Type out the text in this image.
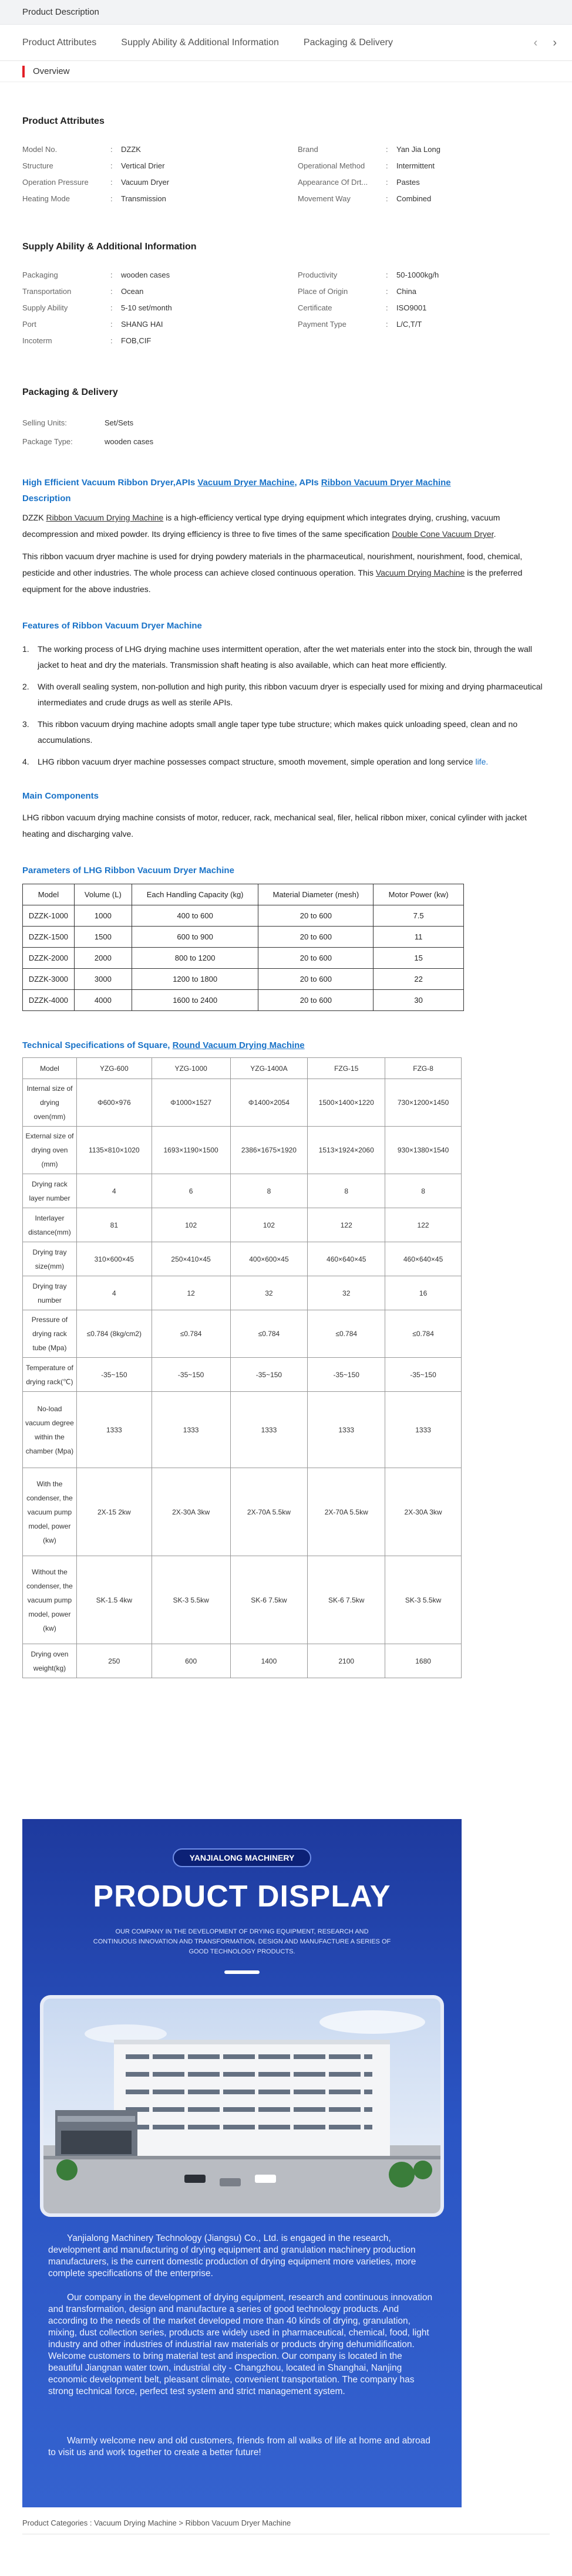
Product Description
Product Attributes	Supply Ability & Additional Information	Packaging & Delivery	‹ ›
Overview
Product Attributes
Model No.	:	DZZK
Structure	:	Vertical Drier
Operation Pressure	:	Vacuum Dryer
Heating Mode	:	Transmission
Brand	:	Yan Jia Long
Operational Method	:	Intermittent
Appearance Of Drt...	:	Pastes
Movement Way	:	Combined
Supply Ability & Additional Information
Packaging	:	wooden cases
Transportation	:	Ocean
Supply Ability	:	5-10 set/month
Port	:	SHANG HAI
Incoterm	:	FOB,CIF
Productivity	:	50-1000kg/h
Place of Origin	:	China
Certificate	:	ISO9001
Payment Type	:	L/C,T/T
Packaging & Delivery
Selling Units:	Set/Sets
Package Type:	wooden cases
High Efficient Vacuum Ribbon Dryer,APIs Vacuum Dryer Machine, APIs Ribbon Vacuum Dryer Machine
Description

DZZK Ribbon Vacuum Drying Machine is a high-efficiency vertical type drying equipment which integrates drying, crushing, vacuum decompression and mixed powder. Its drying efficiency is three to five times of the same specification Double Cone Vacuum Dryer.

This ribbon vacuum dryer machine is used for drying powdery materials in the pharmaceutical, nourishment, nourishment, food, chemical, pesticide and other industries. The whole process can achieve closed continuous operation. This Vacuum Drying Machine is the preferred equipment for the above industries.

Features of Ribbon Vacuum Dryer Machine
1.	The working process of LHG drying machine uses intermittent operation, after the wet materials enter into the stock bin, through the wall jacket to heat and dry the materials. Transmission shaft heating is also available, which can heat more efficiently.
2.	With overall sealing system, non-pollution and high purity, this ribbon vacuum dryer is especially used for mixing and drying pharmaceutical intermediates and crude drugs as well as sterile APIs.
3.	This ribbon vacuum drying machine adopts small angle taper type tube structure; which makes quick unloading speed, clean and no accumulations.
4.	LHG ribbon vacuum dryer machine possesses compact structure, smooth movement, simple operation and long service life.
Main Components

LHG ribbon vacuum drying machine consists of motor, reducer, rack, mechanical seal, filer, helical ribbon mixer, conical cylinder with jacket heating and discharging valve.

Parameters of LHG Ribbon Vacuum Dryer Machine
Model	Volume (L)	Each Handling Capacity (kg)	Material Diameter (mesh)	Motor Power (kw)
DZZK-1000	1000	400 to 600	20 to 600	7.5
DZZK-1500	1500	600 to 900	20 to 600	11
DZZK-2000	2000	800 to 1200	20 to 600	15
DZZK-3000	3000	1200 to 1800	20 to 600	22
DZZK-4000	4000	1600 to 2400	20 to 600	30
Technical Specifications of Square, Round Vacuum Drying Machine
Model	YZG-600	YZG-1000	YZG-1400A	FZG-15	FZG-8
Internal size of drying oven(mm)	Φ600×976	Φ1000×1527	Φ1400×2054	1500×1400×1220	730×1200×1450
External size of drying oven (mm)	1135×810×1020	1693×1190×1500	2386×1675×1920	1513×1924×2060	930×1380×1540
Drying rack layer number	4	6	8	8	8
Interlayer distance(mm)	81	102	102	122	122
Drying tray size(mm)	310×600×45	250×410×45	400×600×45	460×640×45	460×640×45
Drying tray number	4	12	32	32	16
Pressure of drying rack tube (Mpa)	≤0.784 (8kg/cm2)	≤0.784	≤0.784	≤0.784	≤0.784
Temperature of drying rack(℃)	-35~150	-35~150	-35~150	-35~150	-35~150
No-load vacuum degree within the chamber (Mpa)	1333	1333	1333	1333	1333
With the condenser, the vacuum pump model, power (kw)	2X-15 2kw	2X-30A 3kw	2X-70A 5.5kw	2X-70A 5.5kw	2X-30A 3kw
Without the condenser, the vacuum pump model, power (kw)	SK-1.5 4kw	SK-3 5.5kw	SK-6 7.5kw	SK-6 7.5kw	SK-3 5.5kw
Drying oven weight(kg)	250	600	1400	2100	1680
YANJIALONG MACHINERY
PRODUCT DISPLAY
OUR COMPANY IN THE DEVELOPMENT OF DRYING EQUIPMENT, RESEARCH AND CONTINUOUS INNOVATION AND TRANSFORMATION, DESIGN AND MANUFACTURE A SERIES OF GOOD TECHNOLOGY PRODUCTS.

Yanjialong Machinery Technology (Jiangsu) Co., Ltd. is engaged in the research, development and manufacturing of drying equipment and granulation machinery production manufacturers, is the current domestic production of drying equipment more varieties, more complete specifications of the enterprise.

Our company in the development of drying equipment, research and continuous innovation and transformation, design and manufacture a series of good technology products. And according to the needs of the market developed more than 40 kinds of drying, granulation, mixing, dust collection series, products are widely used in pharmaceutical, chemical, food, light industry and other industries of industrial raw materials or products drying dehumidification. Welcome customers to bring material test and inspection. Our company is located in the beautiful Jiangnan water town, industrial city - Changzhou, located in Shanghai, Nanjing economic development belt, pleasant climate, convenient transportation. The company has strong technical force, perfect test system and strict management system.

Warmly welcome new and old customers, friends from all walks of life at home and abroad to visit us and work together to create a better future!

Product Categories : Vacuum Drying Machine > Ribbon Vacuum Dryer Machine
